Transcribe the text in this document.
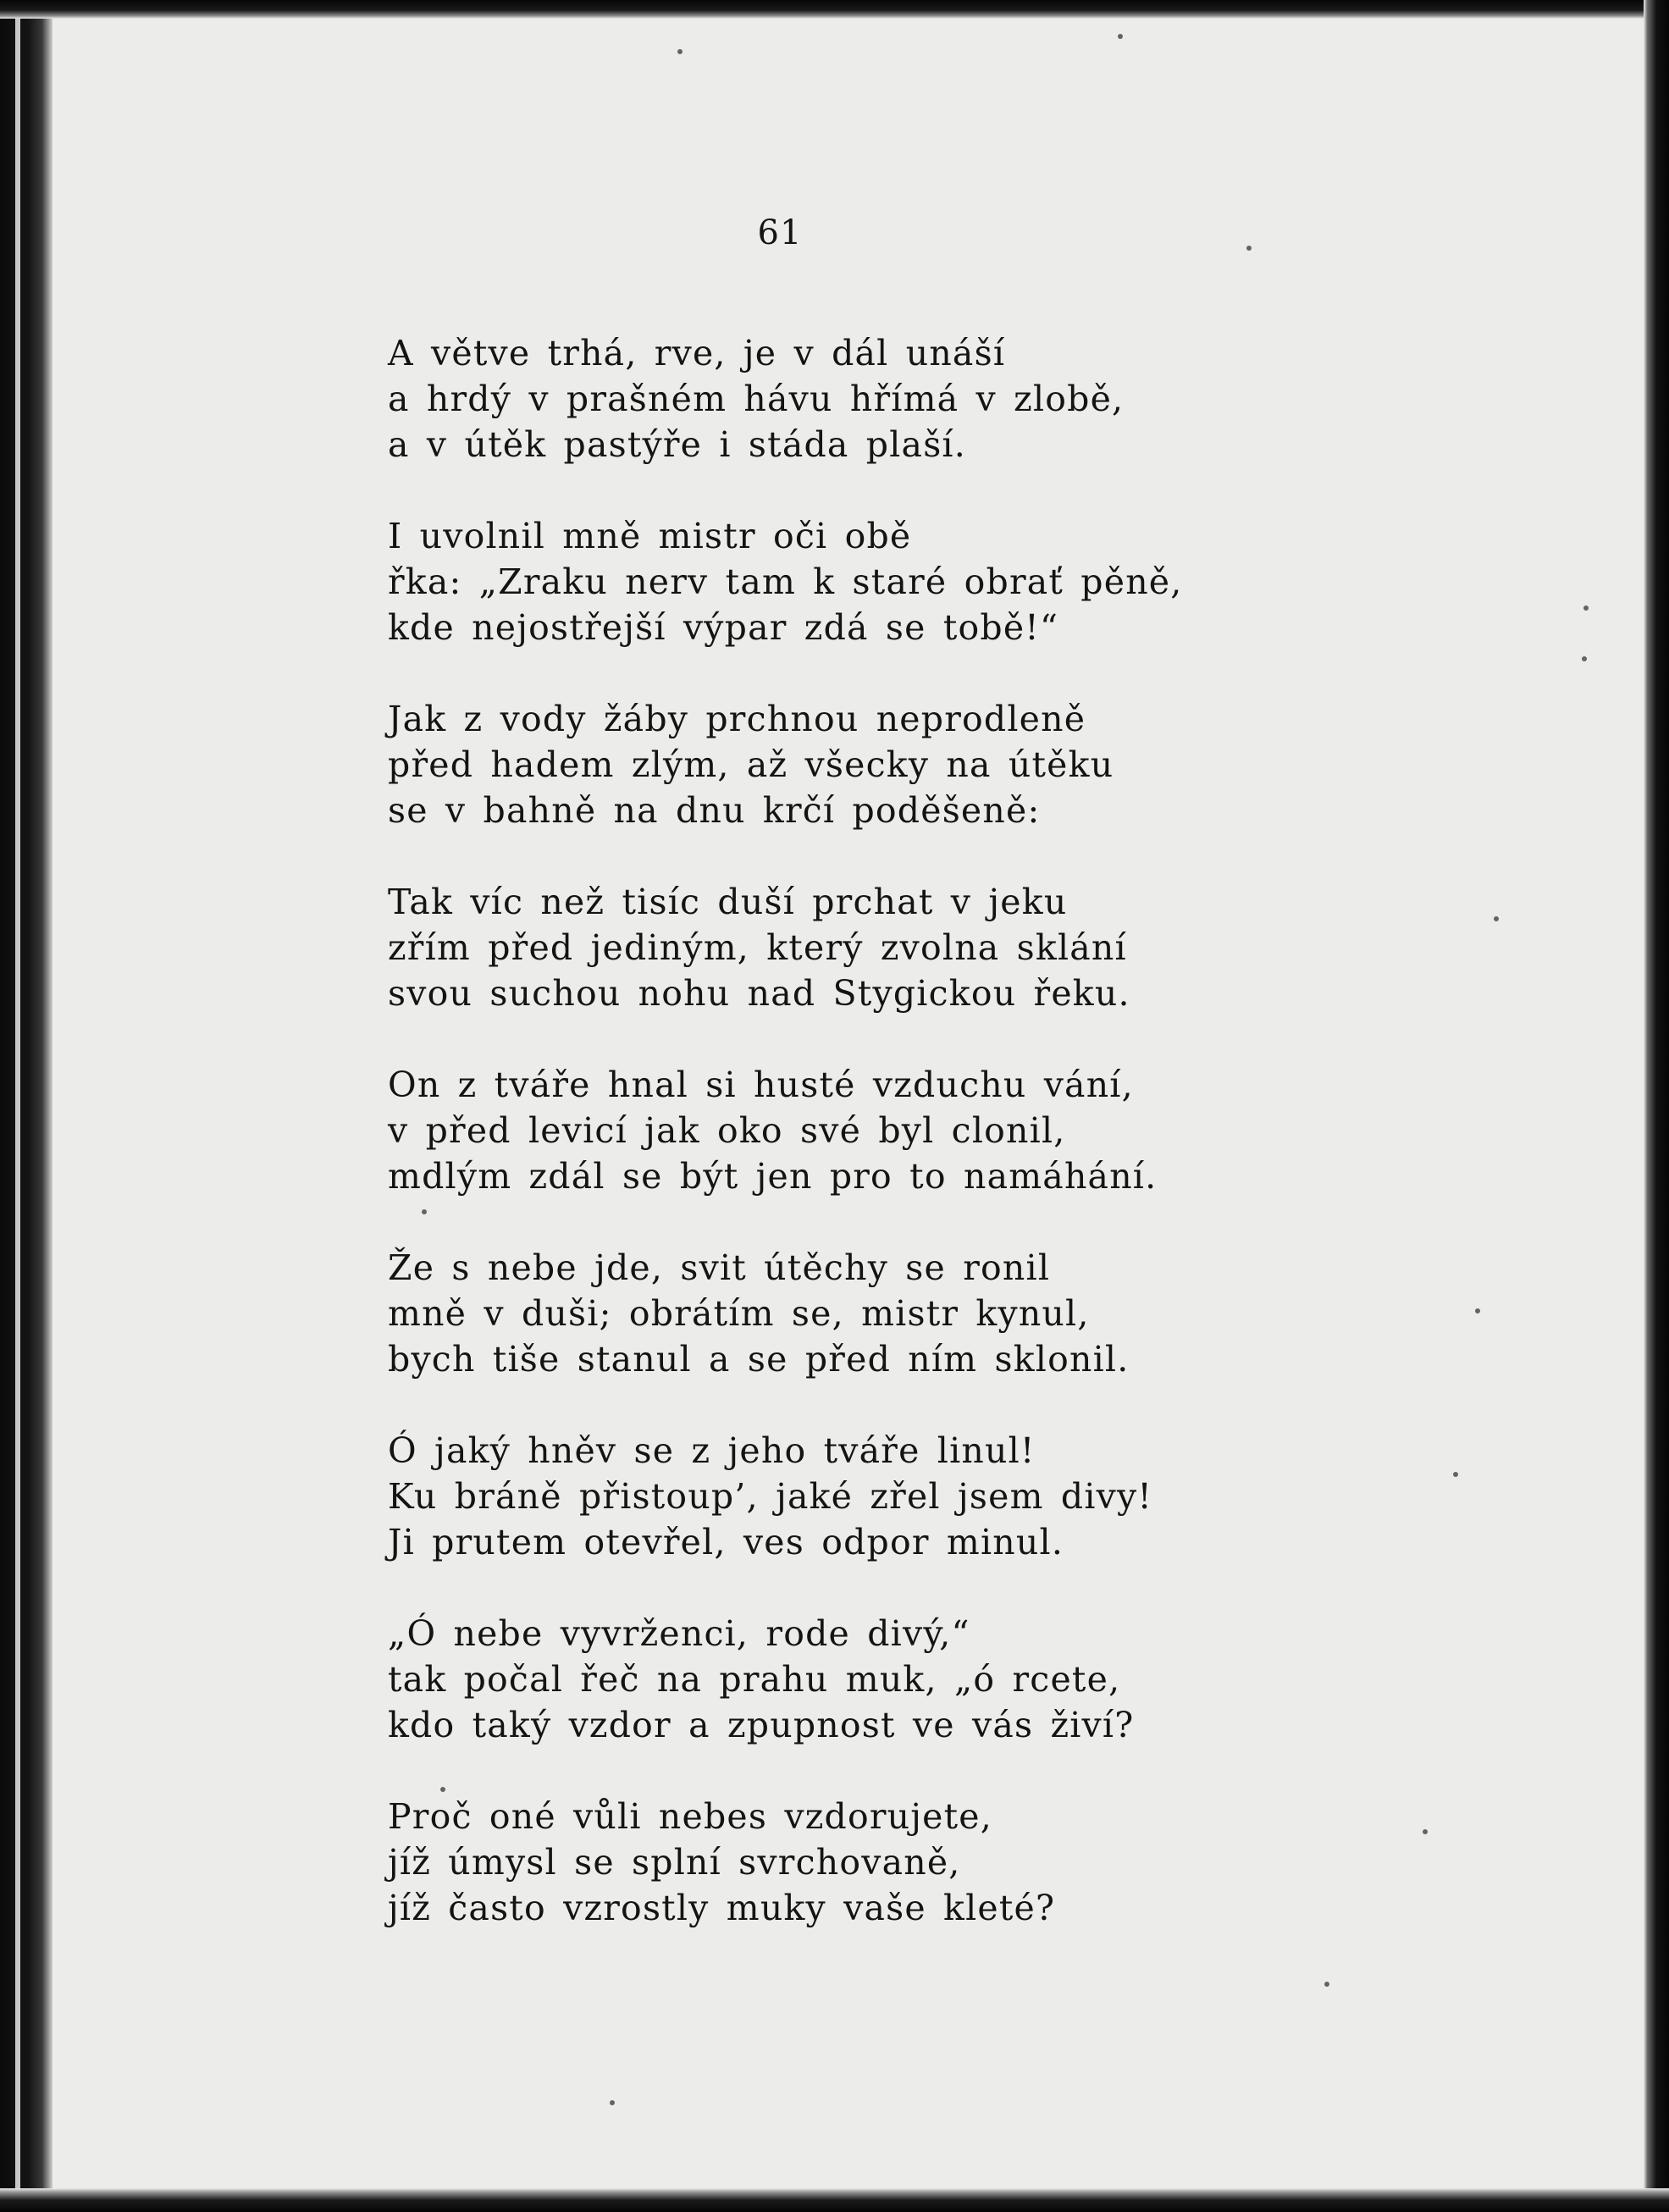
61
A větve trhá, rve, je v dál unáší
a hrdý v prašném hávu hřímá v zlobě,
a v útěk pastýře i stáda plaší.
I uvolnil mně mistr oči obě
řka: „Zraku nerv tam k staré obrať pěně,
kde nejostřejší výpar zdá se tobě!“
Jak z vody žáby prchnou neprodleně
před hadem zlým, až všecky na útěku
se v bahně na dnu krčí poděšeně:
Tak víc než tisíc duší prchat v jeku
zřím před jediným, který zvolna sklání
svou suchou nohu nad Stygickou řeku.
On z tváře hnal si husté vzduchu vání,
v před levicí jak oko své byl clonil,
mdlým zdál se být jen pro to namáhání.
Že s nebe jde, svit útěchy se ronil
mně v duši; obrátím se, mistr kynul,
bych tiše stanul a se před ním sklonil.
Ó jaký hněv se z jeho tváře linul!
Ku bráně přistoup’, jaké zřel jsem divy!
Ji prutem otevřel, ves odpor minul.
„Ó nebe vyvrženci, rode divý,“
tak počal řeč na prahu muk, „ó rcete,
kdo taký vzdor a zpupnost ve vás živí?
Proč oné vůli nebes vzdorujete,
jíž úmysl se splní svrchovaně,
jíž často vzrostly muky vaše kleté?
